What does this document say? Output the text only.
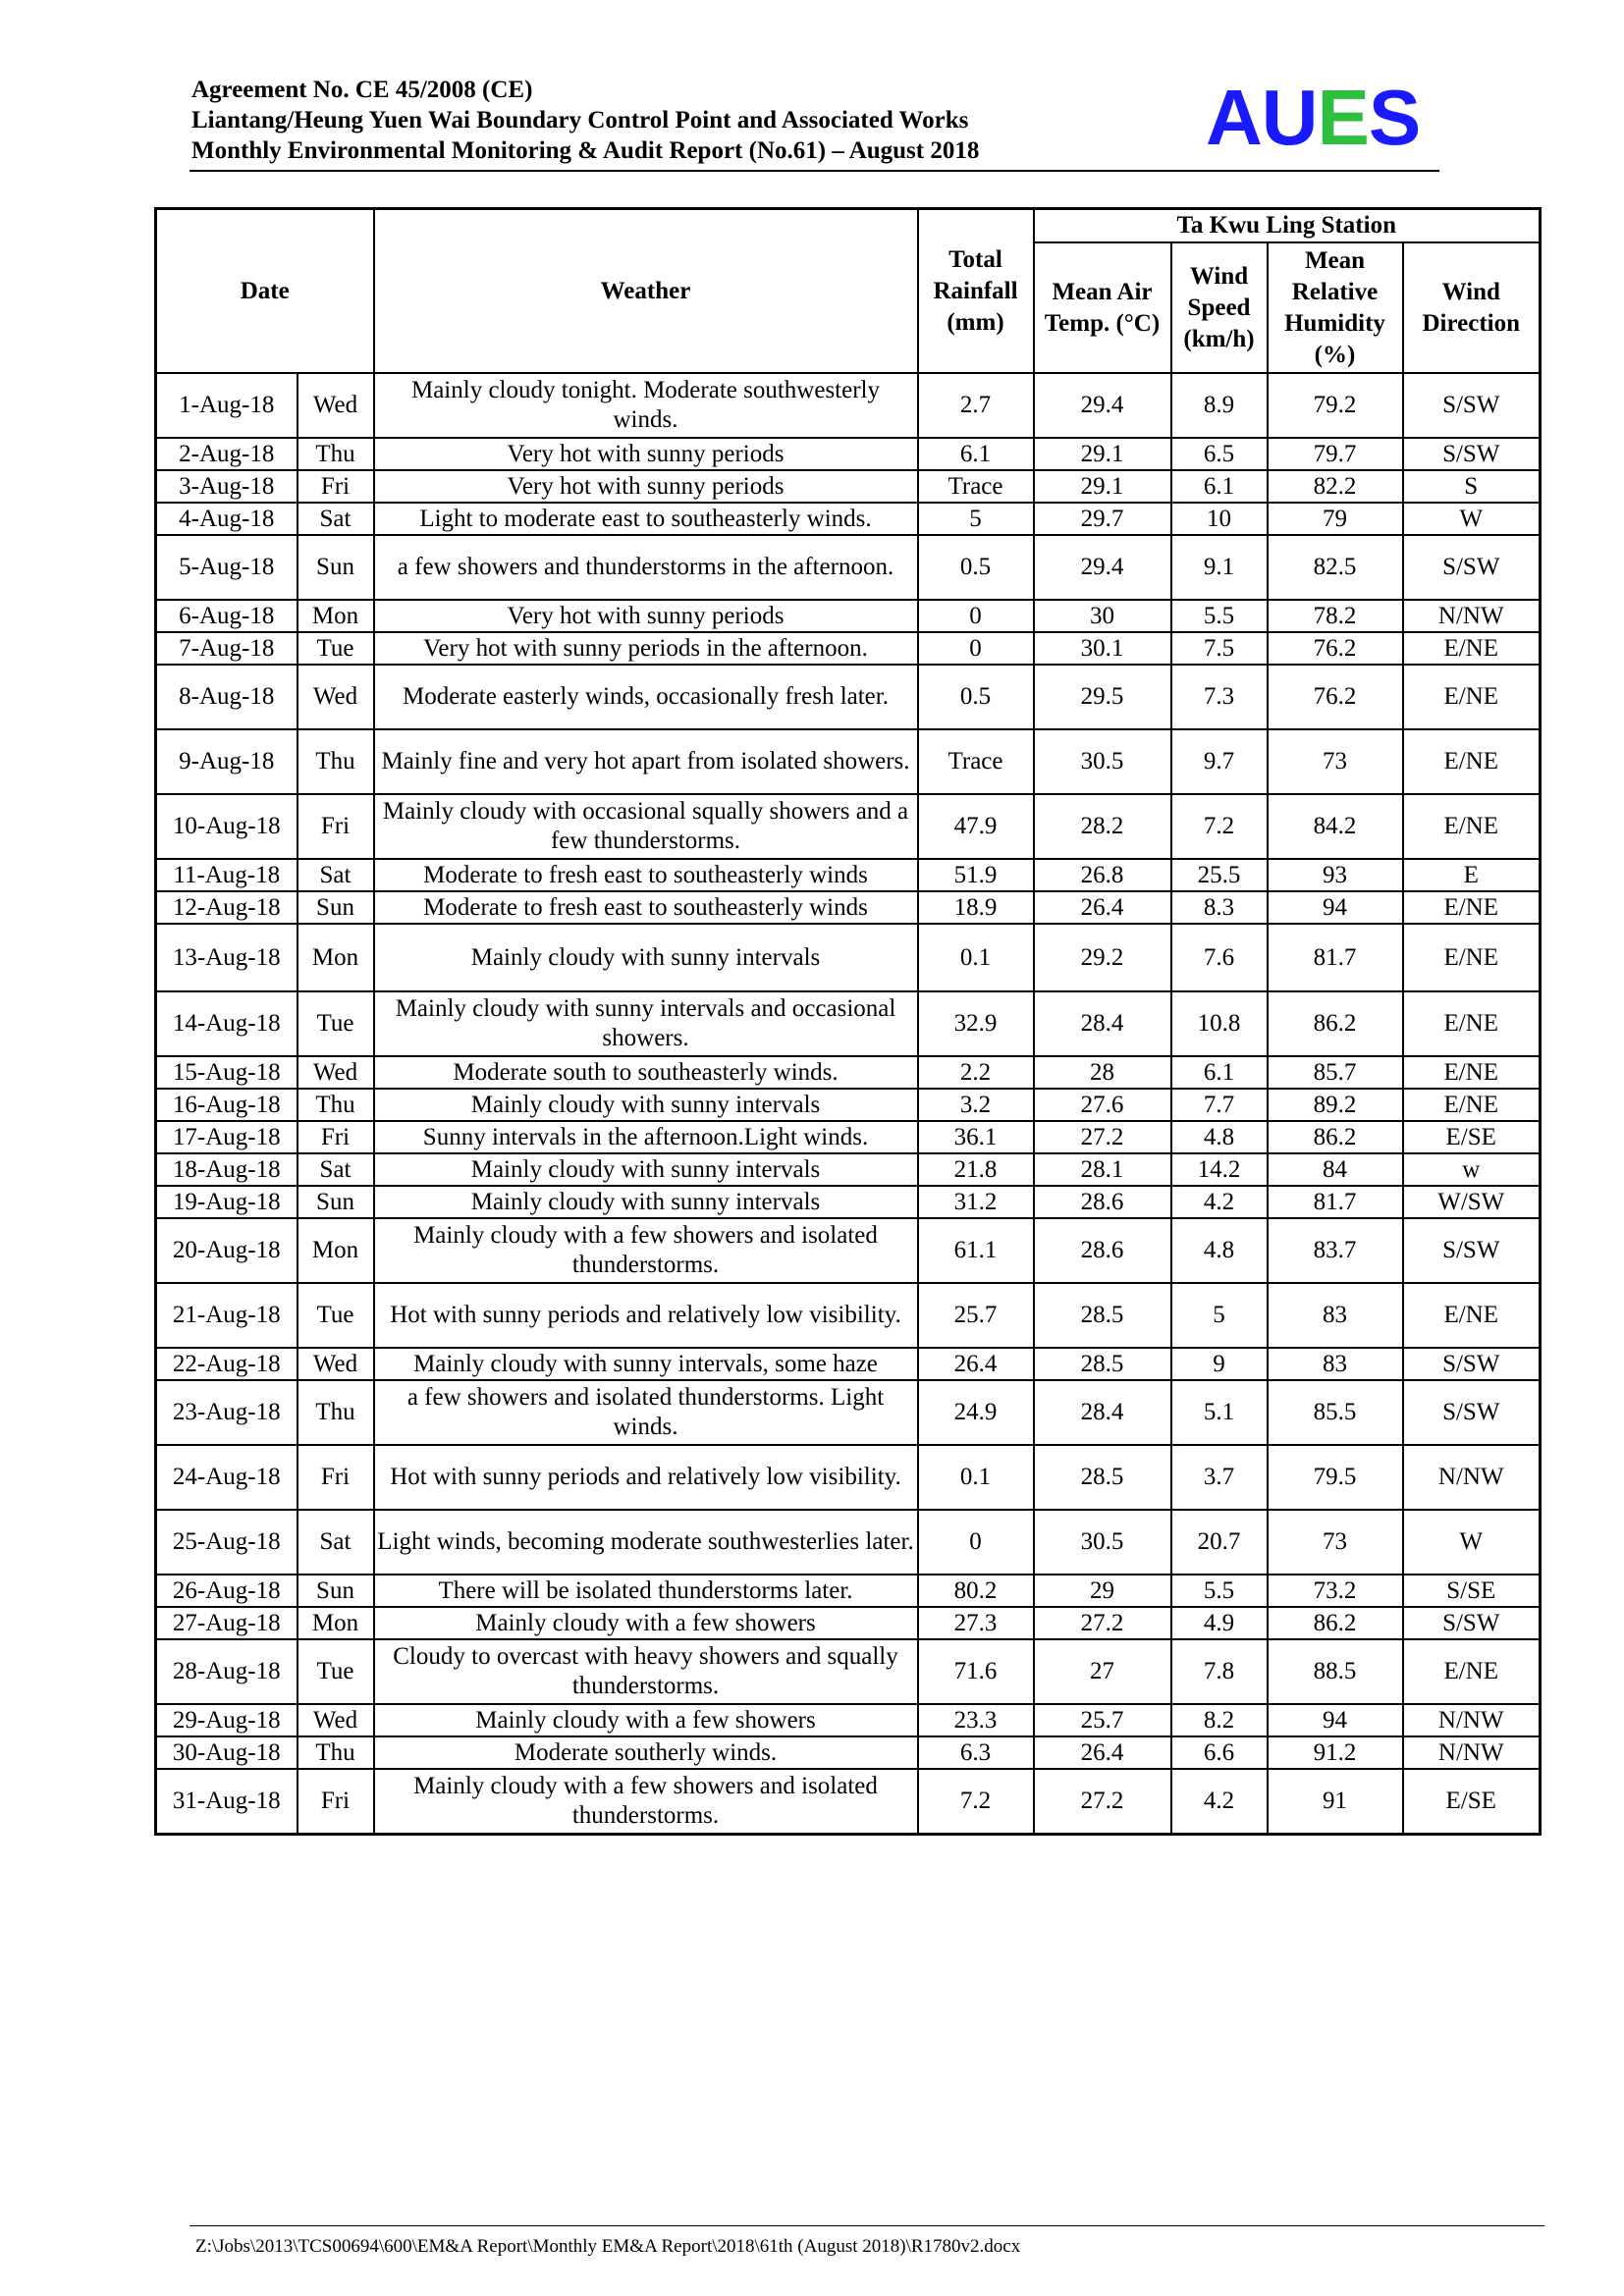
Agreement No. CE 45/2008 (CE)
Liantang/Heung Yuen Wai Boundary Control Point and Associated Works
Monthly Environmental Monitoring & Audit Report (No.61) – August 2018	AUES
Date		Weather	Total Rainfall (mm)	Ta Kwu Ling Station			
				Mean Air Temp. (°C)	Wind Speed (km/h)	Mean Relative Humidity (%)	Wind Direction
1-Aug-18	Wed	Mainly cloudy tonight. Moderate southwesterly winds.	2.7	29.4	8.9	79.2	S/SW
2-Aug-18	Thu	Very hot with sunny periods	6.1	29.1	6.5	79.7	S/SW
3-Aug-18	Fri	Very hot with sunny periods	Trace	29.1	6.1	82.2	S
4-Aug-18	Sat	Light to moderate east to southeasterly winds.	5	29.7	10	79	W
5-Aug-18	Sun	a few showers and thunderstorms in the afternoon.	0.5	29.4	9.1	82.5	S/SW
6-Aug-18	Mon	Very hot with sunny periods	0	30	5.5	78.2	N/NW
7-Aug-18	Tue	Very hot with sunny periods in the afternoon.	0	30.1	7.5	76.2	E/NE
8-Aug-18	Wed	Moderate easterly winds, occasionally fresh later.	0.5	29.5	7.3	76.2	E/NE
9-Aug-18	Thu	Mainly fine and very hot apart from isolated showers.	Trace	30.5	9.7	73	E/NE
10-Aug-18	Fri	Mainly cloudy with occasional squally showers and a few thunderstorms.	47.9	28.2	7.2	84.2	E/NE
11-Aug-18	Sat	Moderate to fresh east to southeasterly winds	51.9	26.8	25.5	93	E
12-Aug-18	Sun	Moderate to fresh east to southeasterly winds	18.9	26.4	8.3	94	E/NE
13-Aug-18	Mon	Mainly cloudy with sunny intervals	0.1	29.2	7.6	81.7	E/NE
14-Aug-18	Tue	Mainly cloudy with sunny intervals and occasional showers.	32.9	28.4	10.8	86.2	E/NE
15-Aug-18	Wed	Moderate south to southeasterly winds.	2.2	28	6.1	85.7	E/NE
16-Aug-18	Thu	Mainly cloudy with sunny intervals	3.2	27.6	7.7	89.2	E/NE
17-Aug-18	Fri	Sunny intervals in the afternoon.Light winds.	36.1	27.2	4.8	86.2	E/SE
18-Aug-18	Sat	Mainly cloudy with sunny intervals	21.8	28.1	14.2	84	w
19-Aug-18	Sun	Mainly cloudy with sunny intervals	31.2	28.6	4.2	81.7	W/SW
20-Aug-18	Mon	Mainly cloudy with a few showers and isolated thunderstorms.	61.1	28.6	4.8	83.7	S/SW
21-Aug-18	Tue	Hot with sunny periods and relatively low visibility.	25.7	28.5	5	83	E/NE
22-Aug-18	Wed	Mainly cloudy with sunny intervals, some haze	26.4	28.5	9	83	S/SW
23-Aug-18	Thu	a few showers and isolated thunderstorms. Light winds.	24.9	28.4	5.1	85.5	S/SW
24-Aug-18	Fri	Hot with sunny periods and relatively low visibility.	0.1	28.5	3.7	79.5	N/NW
25-Aug-18	Sat	Light winds, becoming moderate southwesterlies later.	0	30.5	20.7	73	W
26-Aug-18	Sun	There will be isolated thunderstorms later.	80.2	29	5.5	73.2	S/SE
27-Aug-18	Mon	Mainly cloudy with a few showers	27.3	27.2	4.9	86.2	S/SW
28-Aug-18	Tue	Cloudy to overcast with heavy showers and squally thunderstorms.	71.6	27	7.8	88.5	E/NE
29-Aug-18	Wed	Mainly cloudy with a few showers	23.3	25.7	8.2	94	N/NW
30-Aug-18	Thu	Moderate southerly winds.	6.3	26.4	6.6	91.2	N/NW
31-Aug-18	Fri	Mainly cloudy with a few showers and isolated thunderstorms.	7.2	27.2	4.2	91	E/SE
Z:\Jobs\2013\TCS00694\600\EM&A Report\Monthly EM&A Report\2018\61th (August 2018)\R1780v2.docx
